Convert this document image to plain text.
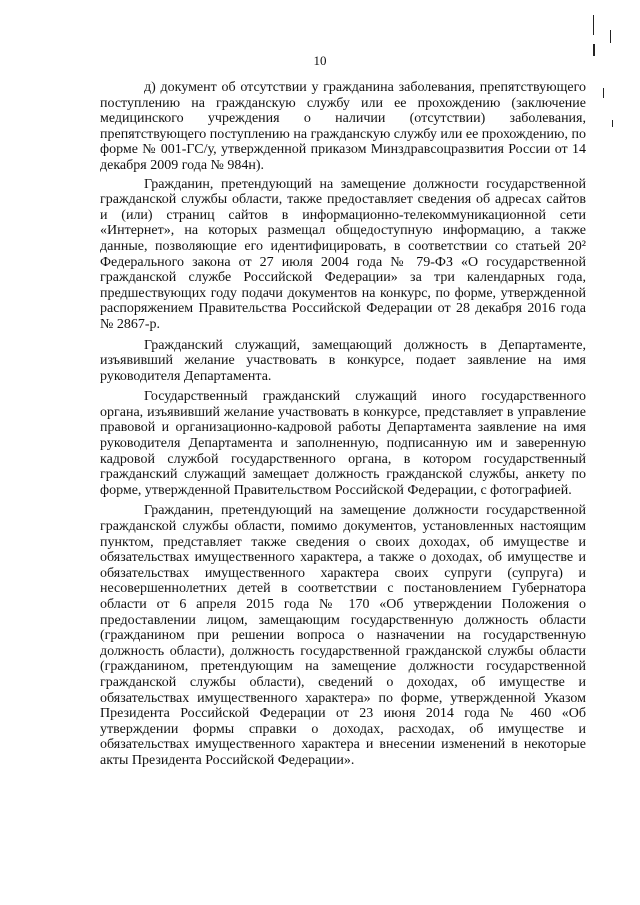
10

д) документ об отсутствии у гражданина заболевания, препятствующего поступлению на гражданскую службу или ее прохождению (заключение медицинского учреждения о наличии (отсутствии) заболевания, препятствующего поступлению на гражданскую службу или ее прохождению, по форме № 001-ГС/у, утвержденной приказом Минздравсоцразвития России от 14 декабря 2009 года № 984н).

Гражданин, претендующий на замещение должности государственной гражданской службы области, также предоставляет сведения об адресах сайтов и (или) страниц сайтов в информационно-телекоммуникационной сети «Интернет», на которых размещал общедоступную информацию, а также данные, позволяющие его идентифицировать, в соответствии со статьей 20² Федерального закона от 27 июля 2004 года № 79-ФЗ «О государственной гражданской службе Российской Федерации» за три календарных года, предшествующих году подачи документов на конкурс, по форме, утвержденной распоряжением Правительства Российской Федерации от 28 декабря 2016 года № 2867-р.

Гражданский служащий, замещающий должность в Департаменте, изъявивший желание участвовать в конкурсе, подает заявление на имя руководителя Департамента.

Государственный гражданский служащий иного государственного органа, изъявивший желание участвовать в конкурсе, представляет в управление правовой и организационно-кадровой работы Департамента заявление на имя руководителя Департамента и заполненную, подписанную им и заверенную кадровой службой государственного органа, в котором государственный гражданский служащий замещает должность гражданской службы, анкету по форме, утвержденной Правительством Российской Федерации, с фотографией.

Гражданин, претендующий на замещение должности государственной гражданской службы области, помимо документов, установленных настоящим пунктом, представляет также сведения о своих доходах, об имуществе и обязательствах имущественного характера, а также о доходах, об имуществе и обязательствах имущественного характера своих супруги (супруга) и несовершеннолетних детей в соответствии с постановлением Губернатора области от 6 апреля 2015 года № 170 «Об утверждении Положения о предоставлении лицом, замещающим государственную должность области (гражданином при решении вопроса о назначении на государственную должность области), должность государственной гражданской службы области (гражданином, претендующим на замещение должности государственной гражданской службы области), сведений о доходах, об имуществе и обязательствах имущественного характера» по форме, утвержденной Указом Президента Российской Федерации от 23 июня 2014 года № 460 «Об утверждении формы справки о доходах, расходах, об имуществе и обязательствах имущественного характера и внесении изменений в некоторые акты Президента Российской Федерации».
